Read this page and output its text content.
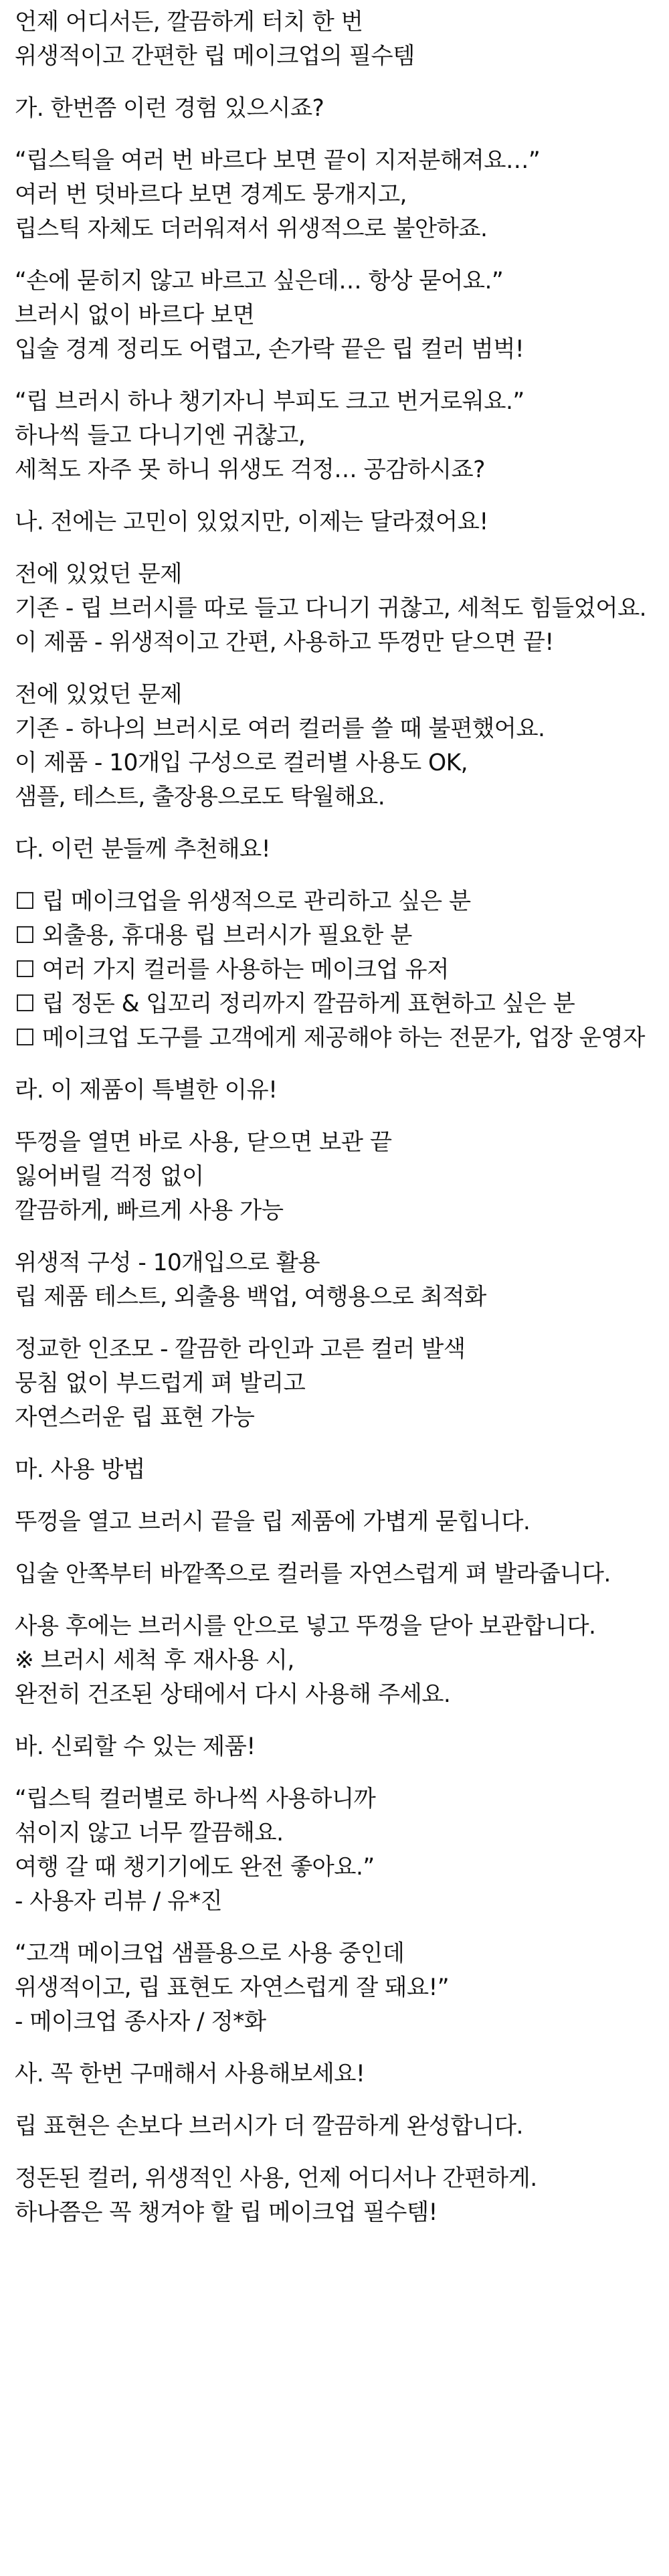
언제 어디서든, 깔끔하게 터치 한 번
위생적이고 간편한 립 메이크업의 필수템
가. 한번쯤 이런 경험 있으시죠?
“립스틱을 여러 번 바르다 보면 끝이 지저분해져요…”
여러 번 덧바르다 보면 경계도 뭉개지고,
립스틱 자체도 더러워져서 위생적으로 불안하죠.
“손에 묻히지 않고 바르고 싶은데… 항상 묻어요.”
브러시 없이 바르다 보면
입술 경계 정리도 어렵고, 손가락 끝은 립 컬러 범벅!
“립 브러시 하나 챙기자니 부피도 크고 번거로워요.”
하나씩 들고 다니기엔 귀찮고,
세척도 자주 못 하니 위생도 걱정… 공감하시죠?
나. 전에는 고민이 있었지만, 이제는 달라졌어요!
전에 있었던 문제
기존 - 립 브러시를 따로 들고 다니기 귀찮고, 세척도 힘들었어요.
이 제품 - 위생적이고 간편, 사용하고 뚜껑만 닫으면 끝!
전에 있었던 문제
기존 - 하나의 브러시로 여러 컬러를 쓸 때 불편했어요.
이 제품 - 10개입 구성으로 컬러별 사용도 OK,
샘플, 테스트, 출장용으로도 탁월해요.
다. 이런 분들께 추천해요!
☐ 립 메이크업을 위생적으로 관리하고 싶은 분
☐ 외출용, 휴대용 립 브러시가 필요한 분
☐ 여러 가지 컬러를 사용하는 메이크업 유저
☐ 립 정돈 & 입꼬리 정리까지 깔끔하게 표현하고 싶은 분
☐ 메이크업 도구를 고객에게 제공해야 하는 전문가, 업장 운영자
라. 이 제품이 특별한 이유!
뚜껑을 열면 바로 사용, 닫으면 보관 끝
잃어버릴 걱정 없이
깔끔하게, 빠르게 사용 가능
위생적 구성 - 10개입으로 활용
립 제품 테스트, 외출용 백업, 여행용으로 최적화
정교한 인조모 - 깔끔한 라인과 고른 컬러 발색
뭉침 없이 부드럽게 펴 발리고
자연스러운 립 표현 가능
마. 사용 방법
뚜껑을 열고 브러시 끝을 립 제품에 가볍게 묻힙니다.
입술 안쪽부터 바깥쪽으로 컬러를 자연스럽게 펴 발라줍니다.
사용 후에는 브러시를 안으로 넣고 뚜껑을 닫아 보관합니다.
※ 브러시 세척 후 재사용 시,
완전히 건조된 상태에서 다시 사용해 주세요.
바. 신뢰할 수 있는 제품!
“립스틱 컬러별로 하나씩 사용하니까
섞이지 않고 너무 깔끔해요.
여행 갈 때 챙기기에도 완전 좋아요.”
- 사용자 리뷰 / 유*진
“고객 메이크업 샘플용으로 사용 중인데
위생적이고, 립 표현도 자연스럽게 잘 돼요!”
- 메이크업 종사자 / 정*화
사. 꼭 한번 구매해서 사용해보세요!
립 표현은 손보다 브러시가 더 깔끔하게 완성합니다.
정돈된 컬러, 위생적인 사용, 언제 어디서나 간편하게.
하나쯤은 꼭 챙겨야 할 립 메이크업 필수템!
